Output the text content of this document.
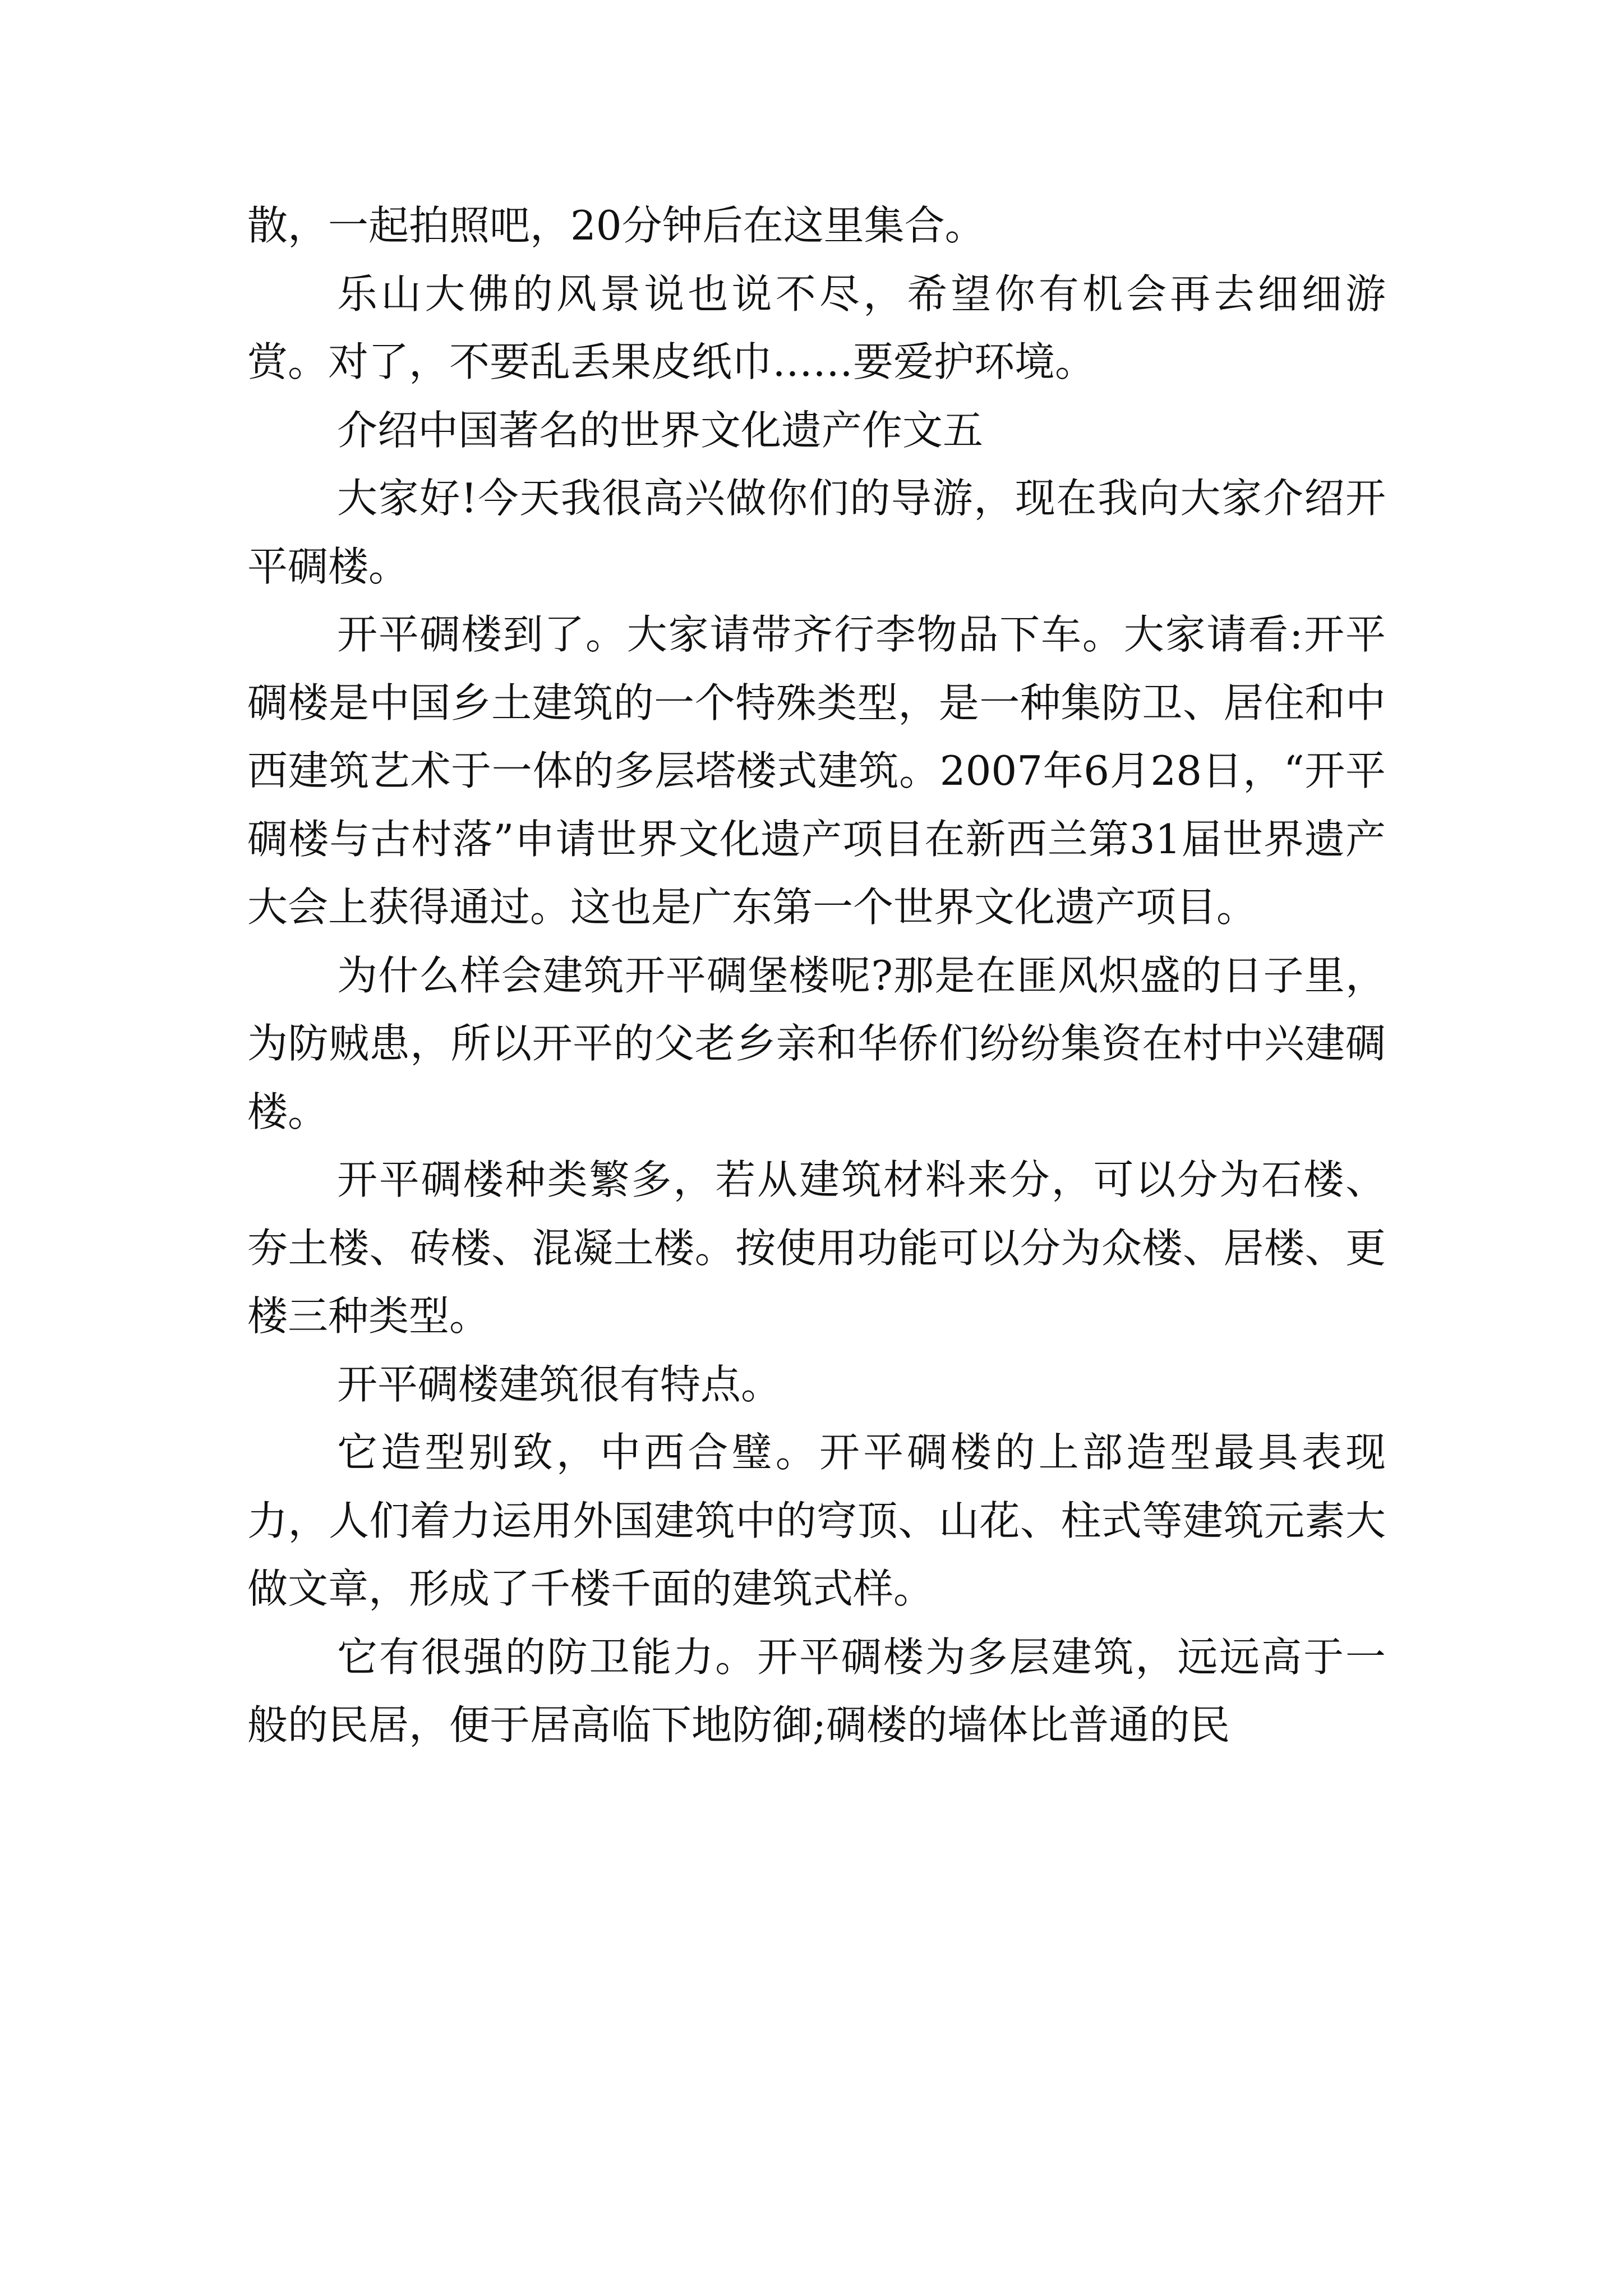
散，一起拍照吧，20分钟后在这里集合。

乐山大佛的风景说也说不尽，希望你有机会再去细细游赏。对了，不要乱丢果皮纸巾……要爱护环境。

介绍中国著名的世界文化遗产作文五

大家好!今天我很高兴做你们的导游，现在我向大家介绍开平碉楼。

开平碉楼到了。大家请带齐行李物品下车。大家请看:开平碉楼是中国乡土建筑的一个特殊类型，是一种集防卫、居住和中西建筑艺术于一体的多层塔楼式建筑。2007年6月28日，“开平碉楼与古村落”申请世界文化遗产项目在新西兰第31届世界遗产大会上获得通过。这也是广东第一个世界文化遗产项目。

为什么样会建筑开平碉堡楼呢?那是在匪风炽盛的日子里，为防贼患，所以开平的父老乡亲和华侨们纷纷集资在村中兴建碉楼。

开平碉楼种类繁多，若从建筑材料来分，可以分为石楼、夯土楼、砖楼、混凝土楼。按使用功能可以分为众楼、居楼、更楼三种类型。

开平碉楼建筑很有特点。

它造型别致，中西合璧。开平碉楼的上部造型最具表现力，人们着力运用外国建筑中的穹顶、山花、柱式等建筑元素大做文章，形成了千楼千面的建筑式样。

它有很强的防卫能力。开平碉楼为多层建筑，远远高于一般的民居，便于居高临下地防御;碉楼的墙体比普通的民
